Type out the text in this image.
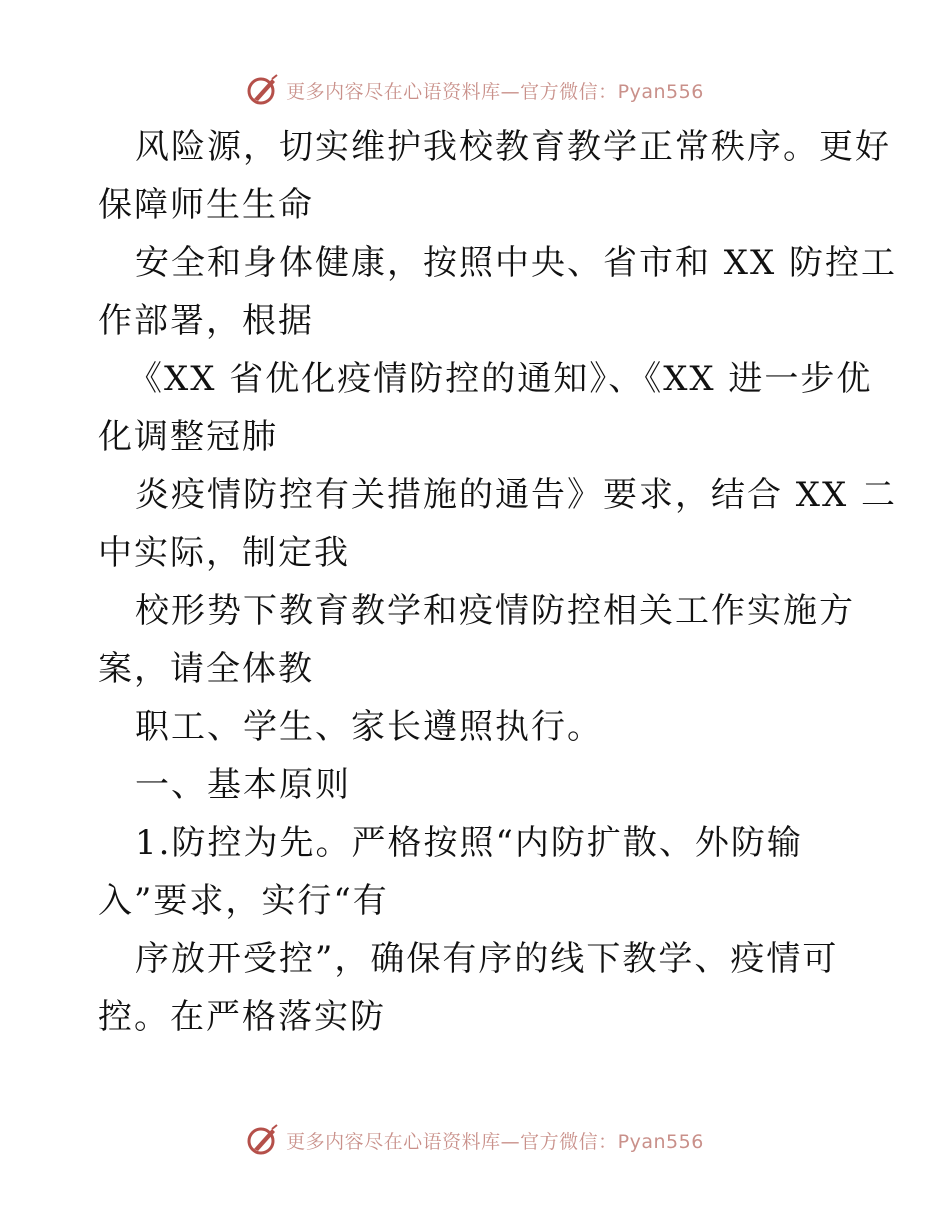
更多内容尽在心语资料库—官方微信：Pyan556
风险源，切实维护我校教育教学正常秩序。更好
保障师生生命
安全和身体健康，按照中央、省市和 XX 防控工
作部署，根据
《XX 省优化疫情防控的通知》、《XX 进一步优
化调整冠肺
炎疫情防控有关措施的通告》要求，结合 XX 二
中实际，制定我
校形势下教育教学和疫情防控相关工作实施方
案，请全体教
职工、学生、家长遵照执行。
一、基本原则
1.防控为先。严格按照“内防扩散、外防输
入”要求，实行“有
序放开受控”，确保有序的线下教学、疫情可
控。在严格落实防
更多内容尽在心语资料库—官方微信：Pyan556
